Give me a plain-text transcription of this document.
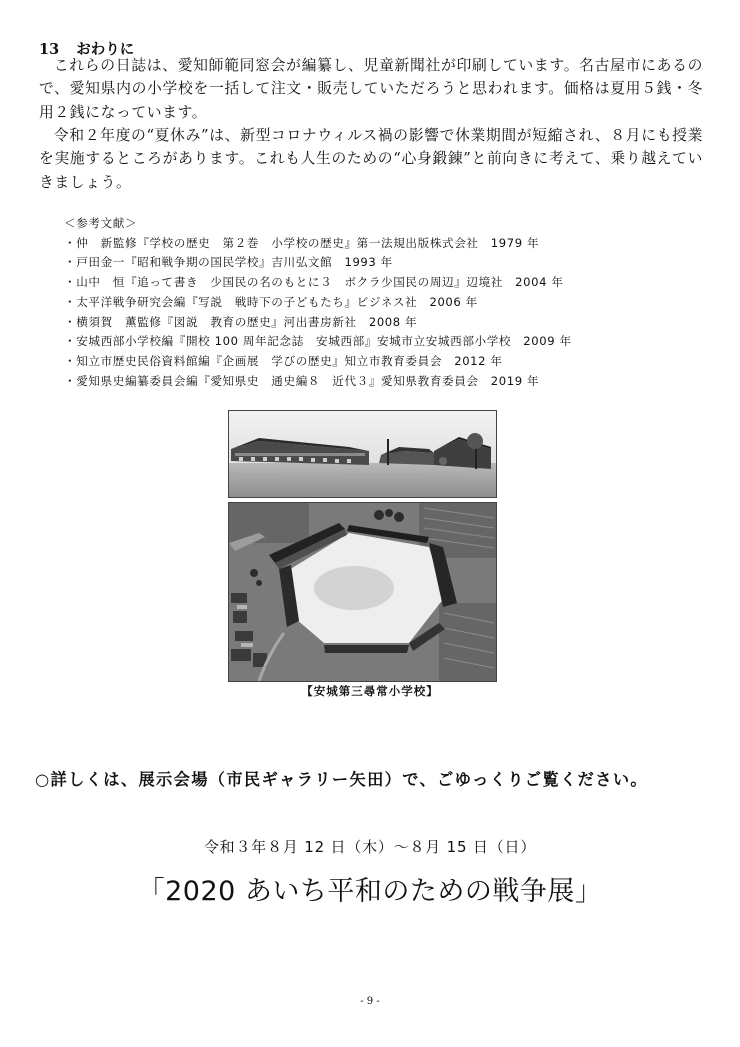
13 おわりに
これらの日誌は、愛知師範同窓会が編纂し、児童新聞社が印刷しています。名古屋市にあるので、愛知県内の小学校を一括して注文・販売していただろうと思われます。価格は夏用５銭・冬用２銭になっています。
令和２年度の“夏休み”は、新型コロナウィルス禍の影響で休業期間が短縮され、８月にも授業を実施するところがあります。これも人生のための“心身鍛錬”と前向きに考えて、乗り越えていきましょう。
＜参考文献＞
・ 仲　新監修『学校の歴史　第２巻　小学校の歴史』第一法規出版株式会社　1979 年
・ 戸田金一『昭和戦争期の国民学校』吉川弘文館　1993 年
・ 山中　恒『追って書き　少国民の名のもとに３　ボクラ少国民の周辺』辺境社　2004 年
・ 太平洋戦争研究会編『写説　戦時下の子どもたち』ビジネス社　2006 年
・ 横須賀　薫監修『図説　教育の歴史』河出書房新社　2008 年
・ 安城西部小学校編『開校 100 周年記念誌　安城西部』安城市立安城西部小学校　2009 年
・ 知立市歴史民俗資料館編『企画展　学びの歴史』知立市教育委員会　2012 年
・ 愛知県史編纂委員会編『愛知県史　通史編８　近代３』愛知県教育委員会　2019 年
【安城第三尋常小学校】
○詳しくは、展示会場（市民ギャラリー矢田）で、ごゆっくりご覧ください。
令和３年８月 12 日（木）～８月 15 日（日）
「2020 あいち平和のための戦争展」
- 9 -
